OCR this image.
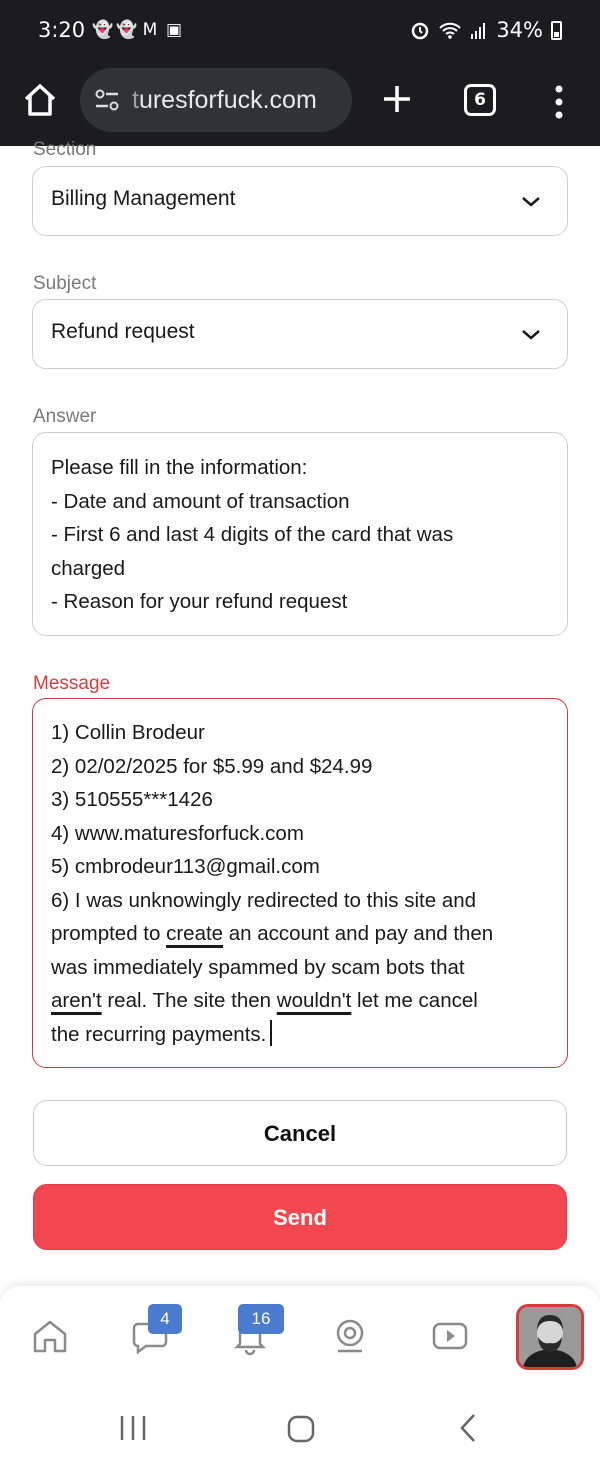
3:20 👻 👻 M ▣	34%
turesforfuck.com	6
Section
Billing Management
Subject
Refund request
Answer
Please fill in the information:
- Date and amount of transaction
- First 6 and last 4 digits of the card that was
charged
- Reason for your refund request
Message
1) Collin Brodeur
2) 02/02/2025 for $5.99 and $24.99
3) 510555***1426
4) www.maturesforfuck.com
5) cmbrodeur113@gmail.com
6) I was unknowingly redirected to this site and
prompted to create an account and pay and then
was immediately spammed by scam bots that
aren't real. The site then wouldn't let me cancel
the recurring payments.
Cancel
Send
4	16
